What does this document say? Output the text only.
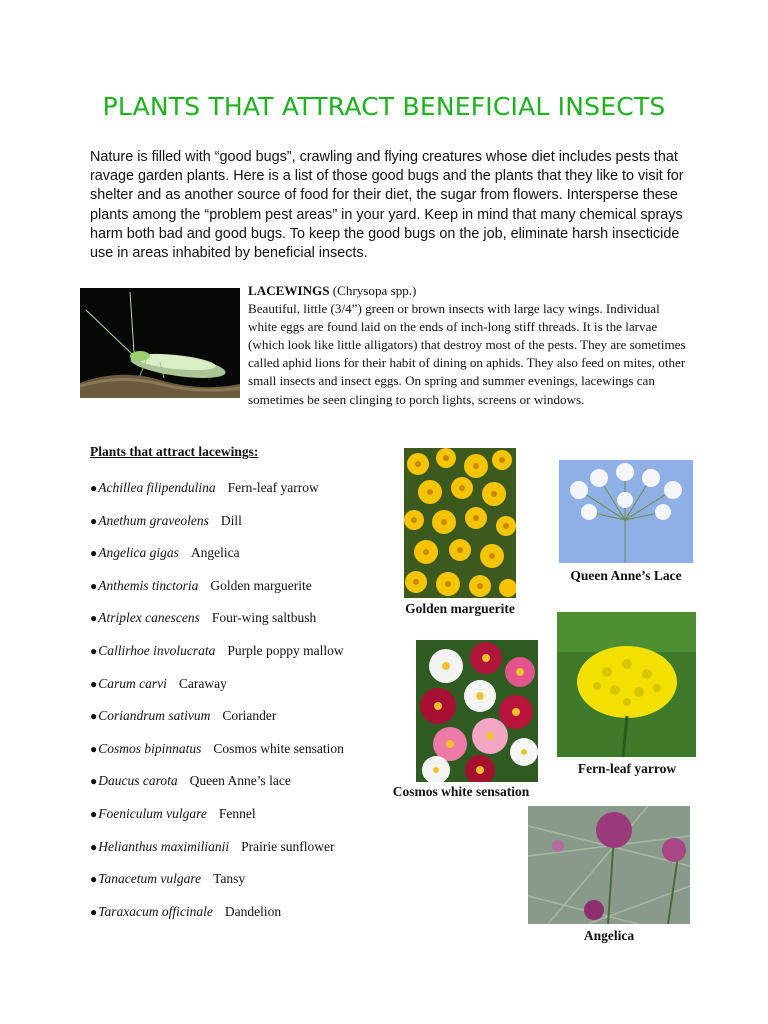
PLANTS THAT ATTRACT BENEFICIAL INSECTS
Nature is filled with “good bugs”, crawling and flying creatures whose diet includes pests that ravage garden plants. Here is a list of those good bugs and the plants that they like to visit for shelter and as another source of food for their diet, the sugar from flowers. Intersperse these plants among the “problem pest areas” in your yard. Keep in mind that many chemical sprays harm both bad and good bugs. To keep the good bugs on the job, eliminate harsh insecticide use in areas inhabited by beneficial insects.
LACEWINGS (Chrysopa spp.)
Beautiful, little (3/4”) green or brown insects with large lacy wings. Individual white eggs are found laid on the ends of inch-long stiff threads. It is the larvae (which look like little alligators) that destroy most of the pests. They are sometimes called aphid lions for their habit of dining on aphids. They also feed on mites, other small insects and insect eggs. On spring and summer evenings, lacewings can sometimes be seen clinging to porch lights, screens or windows.
Plants that attract lacewings:
●Achillea filipendulina Fern-leaf yarrow
●Anethum graveolens Dill
●Angelica gigas Angelica
●Anthemis tinctoria Golden marguerite
●Atriplex canescens Four-wing saltbush
●Callirhoe involucrata Purple poppy mallow
●Carum carvi Caraway
●Coriandrum sativum Coriander
●Cosmos bipinnatus Cosmos white sensation
●Daucus carota Queen Anne’s lace
●Foeniculum vulgare Fennel
●Helianthus maximilianii Prairie sunflower
●Tanacetum vulgare Tansy
●Taraxacum officinale Dandelion
Golden marguerite
Queen Anne’s Lace
Cosmos white sensation
Fern-leaf yarrow
Angelica
